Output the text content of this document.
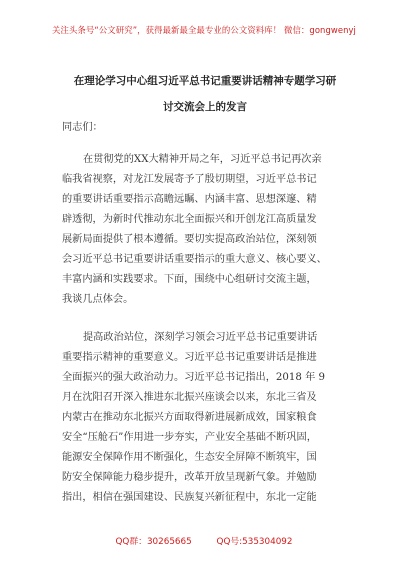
关注头条号“公文研究”，获得最新最全最专业的公文资料库！ 微信：gongwenyj
在理论学习中心组习近平总书记重要讲话精神专题学习研
讨交流会上的发言
同志们：
在贯彻党的XX大精神开局之年，习近平总书记再次亲
临我省视察，对龙江发展寄予了殷切期望，习近平总书记
的重要讲话重要指示高瞻远瞩、内涵丰富、思想深邃、精
辟透彻，为新时代推动东北全面振兴和开创龙江高质量发
展新局面提供了根本遵循。要切实提高政治站位，深刻领
会习近平总书记重要讲话重要指示的重大意义、核心要义、
丰富内涵和实践要求。下面，围绕中心组研讨交流主题，
我谈几点体会。
提高政治站位，深刻学习领会习近平总书记重要讲话
重要指示精神的重要意义。习近平总书记重要讲话是推进
全面振兴的强大政治动力。习近平总书记指出，2018 年 9
月在沈阳召开深入推进东北振兴座谈会以来，东北三省及
内蒙古在推动东北振兴方面取得新进展新成效，国家粮食
安全“压舱石”作用进一步夯实，产业安全基础不断巩固，
能源安全保障作用不断强化，生态安全屏障不断筑牢，国
防安全保障能力稳步提升，改革开放呈现新气象。并勉励
指出，相信在强国建设、民族复兴新征程中，东北一定能
QQ群：30265665	QQ号:535304092
